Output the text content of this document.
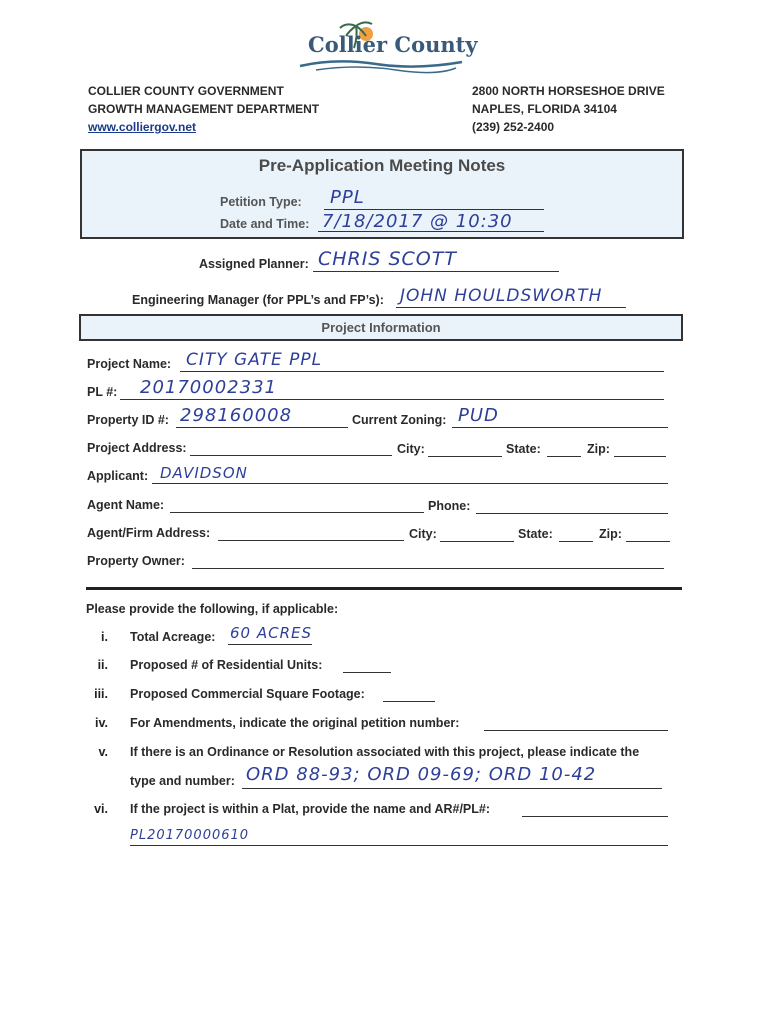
Collier County
COLLIER COUNTY GOVERNMENT
GROWTH MANAGEMENT DEPARTMENT
www.colliergov.net
2800 NORTH HORSESHOE DRIVE
NAPLES, FLORIDA 34104
(239) 252-2400
Pre-Application Meeting Notes
Petition Type: PPL
Date and Time: 7/18/2017 @ 10:30
Assigned Planner: CHRIS SCOTT
Engineering Manager (for PPL’s and FP’s): JOHN HOULDSWORTH
Project Information
Project Name: CITY GATE PPL
PL #: 20170002331
Property ID #: 298160008	Current Zoning: PUD
Project Address:	City:	State:	Zip:
Applicant: DAVIDSON
Agent Name:	Phone:
Agent/Firm Address:	City:	State:	Zip:
Property Owner:
Please provide the following, if applicable:
i. Total Acreage: 60 ACRES
ii. Proposed # of Residential Units:
iii. Proposed Commercial Square Footage:
iv. For Amendments, indicate the original petition number:
v. If there is an Ordinance or Resolution associated with this project, please indicate the
type and number: ORD 88-93; ORD 09-69; ORD 10-42
vi. If the project is within a Plat, provide the name and AR#/PL#:
PL20170000610
